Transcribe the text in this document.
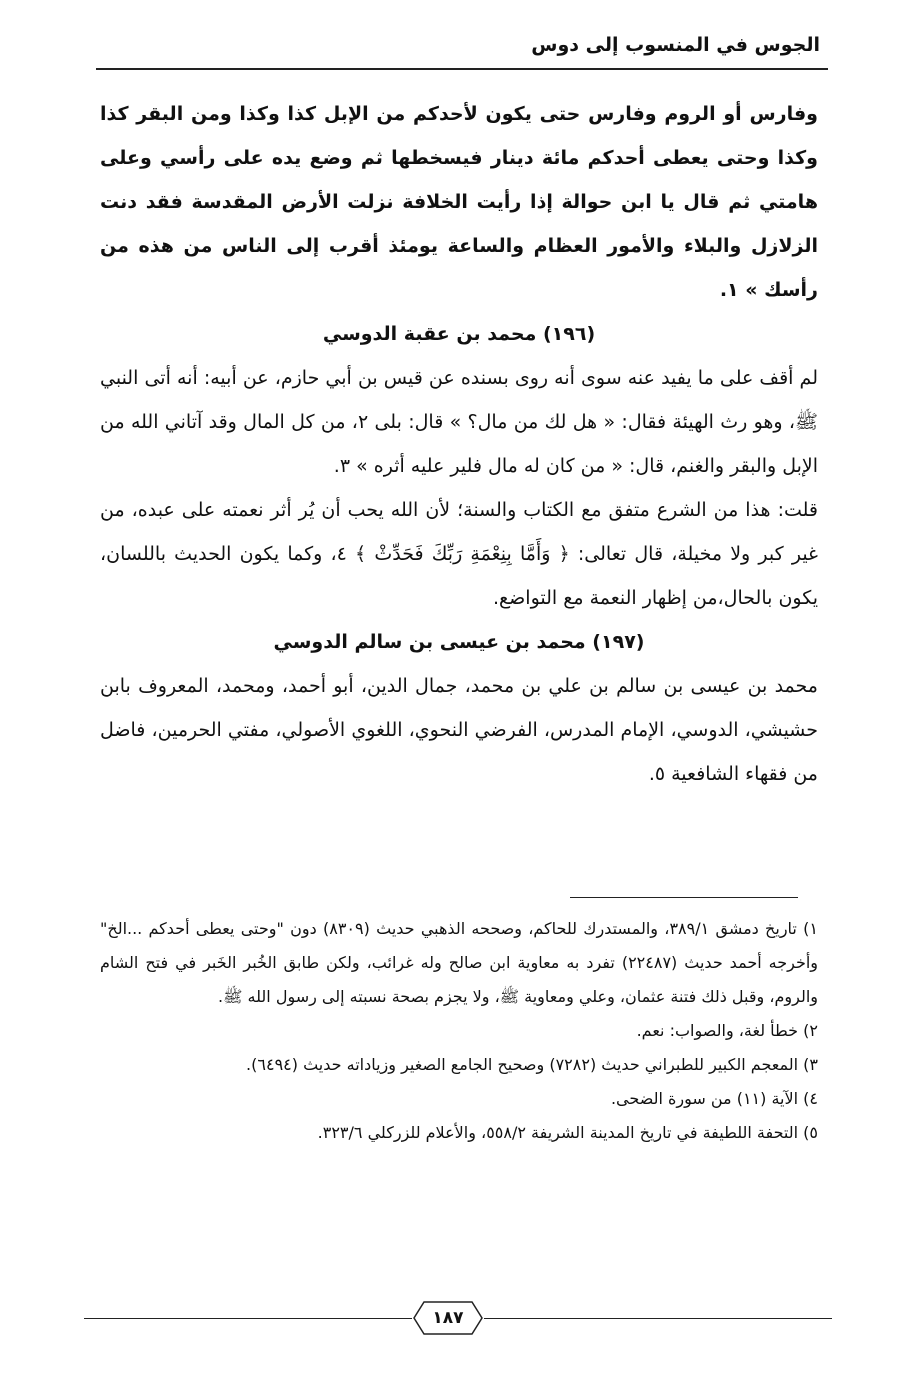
الجوس في المنسوب إلى دوس

وفارس أو الروم وفارس حتى يكون لأحدكم من الإبل كذا وكذا ومن البقر كذا وكذا وحتى يعطى أحدكم مائة دينار فيسخطها ثم وضع يده على رأسي وعلى هامتي ثم قال يا ابن حوالة إذا رأيت الخلافة نزلت الأرض المقدسة فقد دنت الزلازل والبلاء والأمور العظام والساعة يومئذ أقرب إلى الناس من هذه من رأسك » ١.

(١٩٦) محمد بن عقبة الدوسي

لم أقف على ما يفيد عنه سوى أنه روى بسنده عن قيس بن أبي حازم، عن أبيه: أنه أتى النبي ﷺ، وهو رث الهيئة فقال: « هل لك من مال؟ » قال: بلى ٢، من كل المال وقد آتاني الله من الإبل والبقر والغنم، قال: « من كان له مال فلير عليه أثره » ٣.

قلت: هذا من الشرع متفق مع الكتاب والسنة؛ لأن الله يحب أن يُر أثر نعمته على عبده، من غير كبر ولا مخيلة، قال تعالى: ﴿ وَأَمَّا بِنِعْمَةِ رَبِّكَ فَحَدِّثْ ﴾ ٤، وكما يكون الحديث باللسان، يكون بالحال،من إظهار النعمة مع التواضع.

(١٩٧) محمد بن عيسى بن سالم الدوسي

محمد بن عيسى بن سالم بن علي بن محمد، جمال الدين، أبو أحمد، ومحمد، المعروف بابن حشيشي، الدوسي، الإمام المدرس، الفرضي النحوي، اللغوي الأصولي، مفتي الحرمين، فاضل من فقهاء الشافعية ٥.

١) تاريخ دمشق ٣٨٩/١، والمستدرك للحاكم، وصححه الذهبي حديث (٨٣٠٩) دون "وحتى يعطى أحدكم ...الخ" وأخرجه أحمد حديث (٢٢٤٨٧) تفرد به معاوية ابن صالح وله غرائب، ولكن طابق الخُبر الخَبر في فتح الشام والروم، وقبل ذلك فتنة عثمان، وعلي ومعاوية ﷺ، ولا يجزم بصحة نسبته إلى رسول الله ﷺ.

٢) خطأ لغة، والصواب: نعم.

٣) المعجم الكبير للطبراني حديث (٧٢٨٢) وصحيح الجامع الصغير وزياداته حديث (٦٤٩٤).

٤) الآية (١١) من سورة الضحى.

٥) التحفة اللطيفة في تاريخ المدينة الشريفة ٥٥٨/٢، والأعلام للزركلي ٣٢٣/٦.

١٨٧
